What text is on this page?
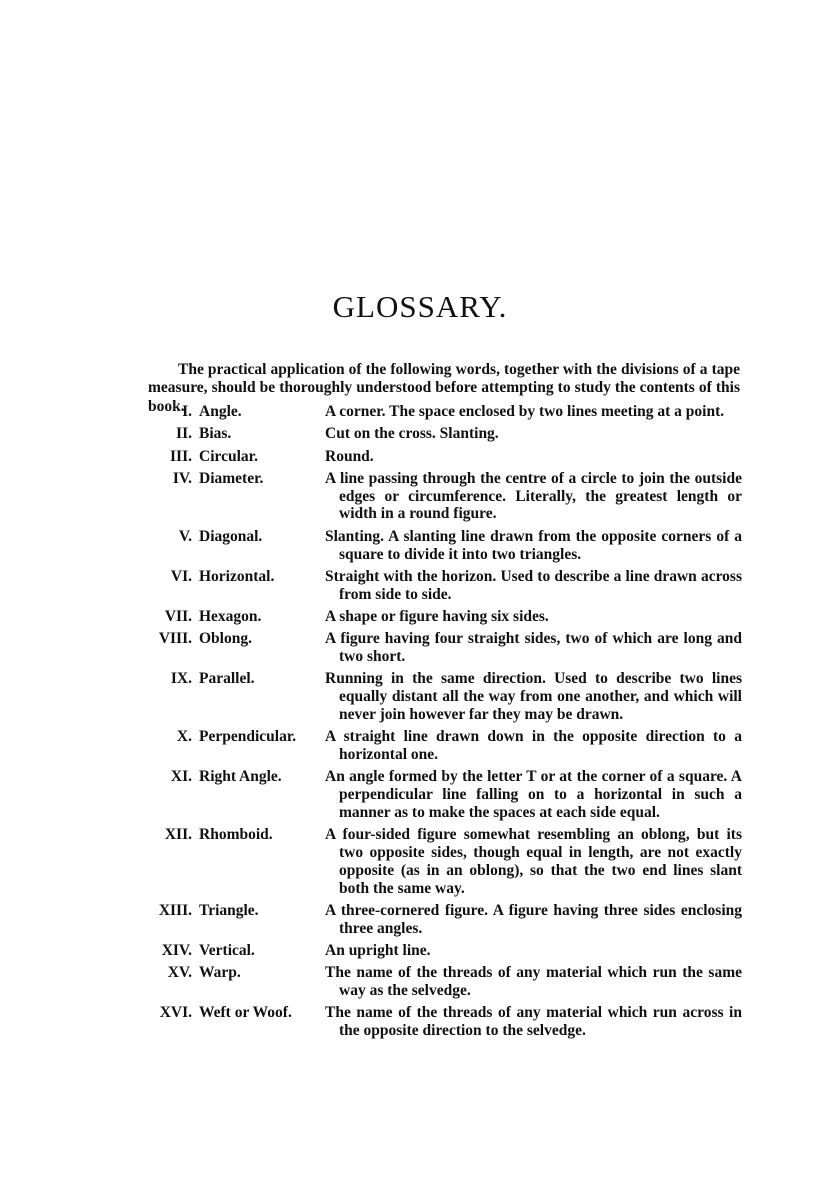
GLOSSARY.

The practical application of the following words, together with the divisions of a tape measure, should be thoroughly understood before attempting to study the contents of this book.

I. Angle.	A corner. The space enclosed by two lines meeting at a point.
II. Bias.	Cut on the cross. Slanting.
III. Circular.	Round.
IV. Diameter.	A line passing through the centre of a circle to join the outside edges or circumference. Literally, the greatest length or width in a round figure.
V. Diagonal.	Slanting. A slanting line drawn from the opposite corners of a square to divide it into two triangles.
VI. Horizontal.	Straight with the horizon. Used to describe a line drawn across from side to side.
VII. Hexagon.	A shape or figure having six sides.
VIII. Oblong.	A figure having four straight sides, two of which are long and two short.
IX. Parallel.	Running in the same direction. Used to describe two lines equally distant all the way from one another, and which will never join however far they may be drawn.
X. Perpendicular.	A straight line drawn down in the opposite direction to a horizontal one.
XI. Right Angle.	An angle formed by the letter T or at the corner of a square. A perpendicular line falling on to a horizontal in such a manner as to make the spaces at each side equal.
XII. Rhomboid.	A four-sided figure somewhat resembling an oblong, but its two opposite sides, though equal in length, are not exactly opposite (as in an oblong), so that the two end lines slant both the same way.
XIII. Triangle.	A three-cornered figure. A figure having three sides enclosing three angles.
XIV. Vertical.	An upright line.
XV. Warp.	The name of the threads of any material which run the same way as the selvedge.
XVI. Weft or Woof.	The name of the threads of any material which run across in the opposite direction to the selvedge.
